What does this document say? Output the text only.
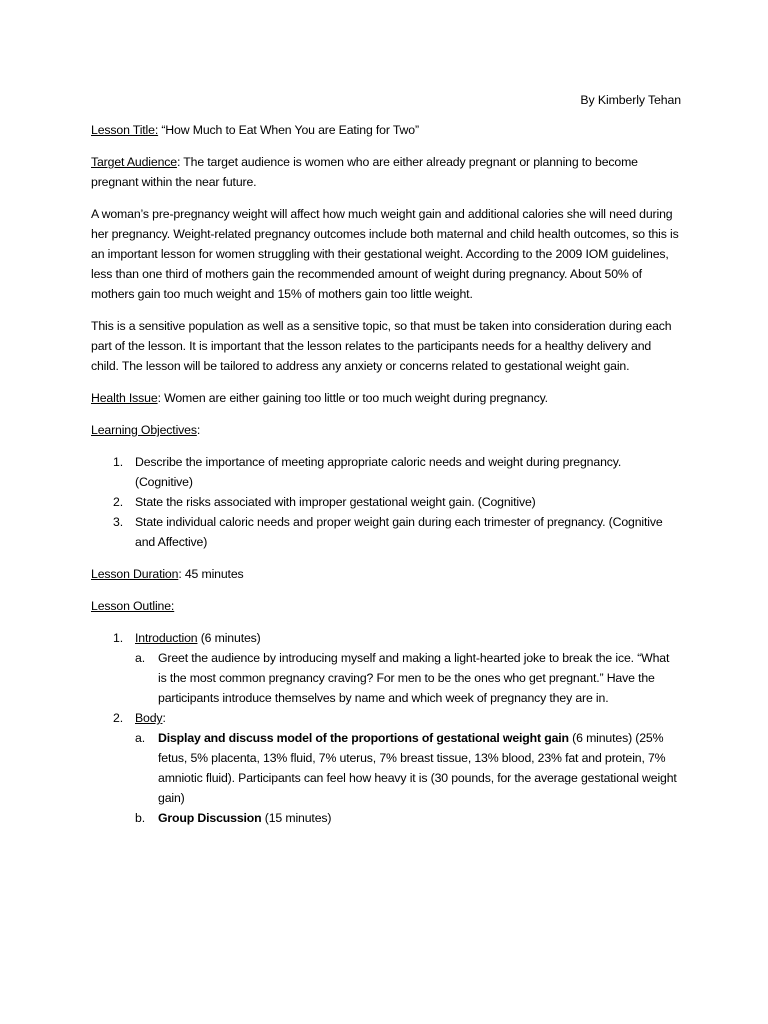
By Kimberly Tehan

Lesson Title: “How Much to Eat When You are Eating for Two”

Target Audience: The target audience is women who are either already pregnant or planning to become pregnant within the near future.

A woman’s pre-pregnancy weight will affect how much weight gain and additional calories she will need during her pregnancy. Weight-related pregnancy outcomes include both maternal and child health outcomes, so this is an important lesson for women struggling with their gestational weight. According to the 2009 IOM guidelines, less than one third of mothers gain the recommended amount of weight during pregnancy. About 50% of mothers gain too much weight and 15% of mothers gain too little weight.

This is a sensitive population as well as a sensitive topic, so that must be taken into consideration during each part of the lesson. It is important that the lesson relates to the participants needs for a healthy delivery and child. The lesson will be tailored to address any anxiety or concerns related to gestational weight gain.

Health Issue: Women are either gaining too little or too much weight during pregnancy.

Learning Objectives:

1. Describe the importance of meeting appropriate caloric needs and weight during pregnancy. (Cognitive)
2. State the risks associated with improper gestational weight gain. (Cognitive)
3. State individual caloric needs and proper weight gain during each trimester of pregnancy. (Cognitive and Affective)

Lesson Duration: 45 minutes

Lesson Outline:

1. Introduction (6 minutes)
a. Greet the audience by introducing myself and making a light-hearted joke to break the ice. “What is the most common pregnancy craving? For men to be the ones who get pregnant.” Have the participants introduce themselves by name and which week of pregnancy they are in.
2. Body:
a. Display and discuss model of the proportions of gestational weight gain (6 minutes) (25% fetus, 5% placenta, 13% fluid, 7% uterus, 7% breast tissue, 13% blood, 23% fat and protein, 7% amniotic fluid). Participants can feel how heavy it is (30 pounds, for the average gestational weight gain)
b. Group Discussion (15 minutes)
